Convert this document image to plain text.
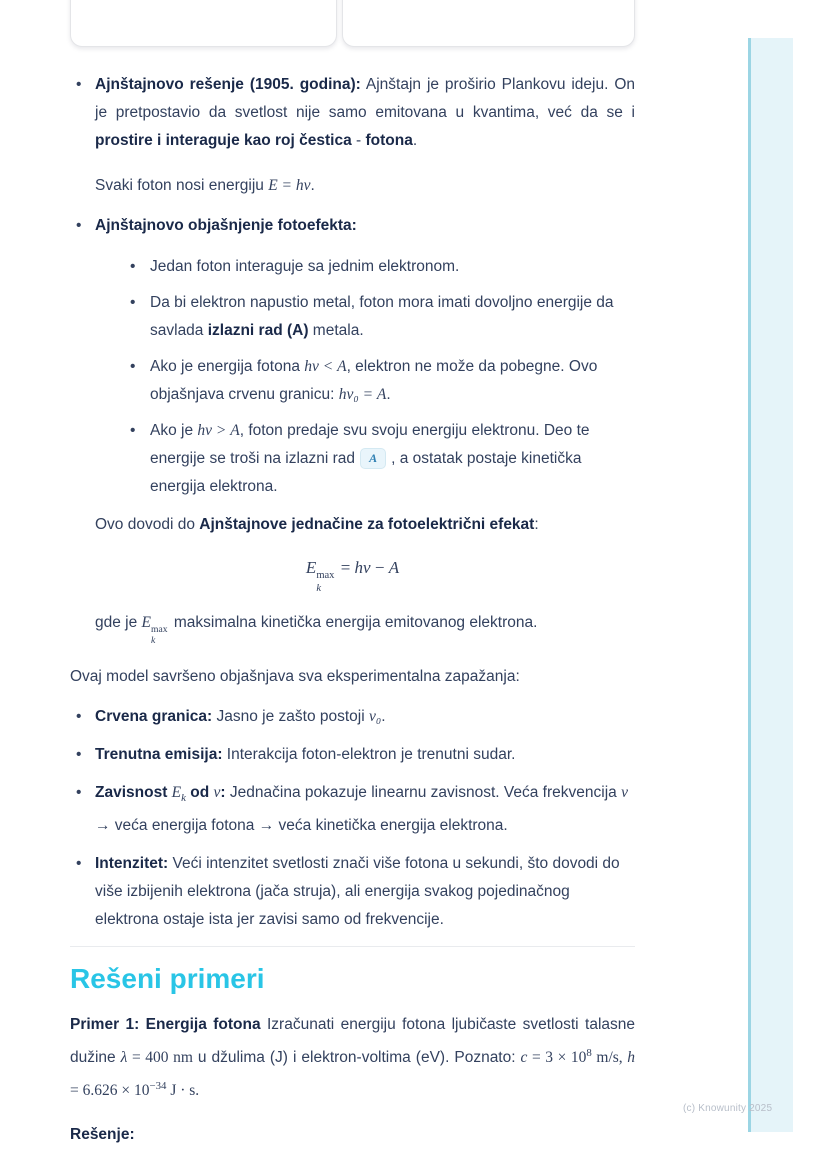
(c) Knowunity 2025
• Ajnštajnovo rešenje (1905. godina): Ajnštajn je proširio Plankovu ideju. On je pretpostavio da svetlost nije samo emitovana u kvantima, već da se i prostire i interaguje kao roj čestica - fotona.

Svaki foton nosi energiju E = hν.

• Ajnštajnovo objašnjenje fotoefekta:
• Jedan foton interaguje sa jednim elektronom.
• Da bi elektron napustio metal, foton mora imati dovoljno energije da savlada izlazni rad (A) metala.
• Ako je energija fotona hν < A, elektron ne može da pobegne. Ovo objašnjava crvenu granicu: hν₀ = A.
• Ako je hν > A, foton predaje svu svoju energiju elektronu. Deo te energije se troši na izlazni rad A , a ostatak postaje kinetička energija elektrona.

Ovo dovodi do Ajnštajnove jednačine za fotoelektrični efekat:

E max
k
= hν − A

gde je E max
k
maksimalna kinetička energija emitovanog elektrona.

Ovaj model savršeno objašnjava sva eksperimentalna zapažanja:

• Crvena granica: Jasno je zašto postoji ν₀.
• Trenutna emisija: Interakcija foton-elektron je trenutni sudar.
• Zavisnost $E_k$ od ν: Jednačina pokazuje linearnu zavisnost. Veća frekvencija ν → veća energija fotona → veća kinetička energija elektrona.
• Intenzitet: Veći intenzitet svetlosti znači više fotona u sekundi, što dovodi do više izbijenih elektrona (jača struja), ali energija svakog pojedinačnog elektrona ostaje ista jer zavisi samo od frekvencije.
Rešeni primeri

Primer 1: Energija fotona Izračunati energiju fotona ljubičaste svetlosti talasne dužine λ = 400 nm u džulima (J) i elektron-voltima (eV). Poznato: $c = 3 \times 10^8$ m/s, $h = 6.626 \times 10^{-34}$ J · s.

Rešenje:
